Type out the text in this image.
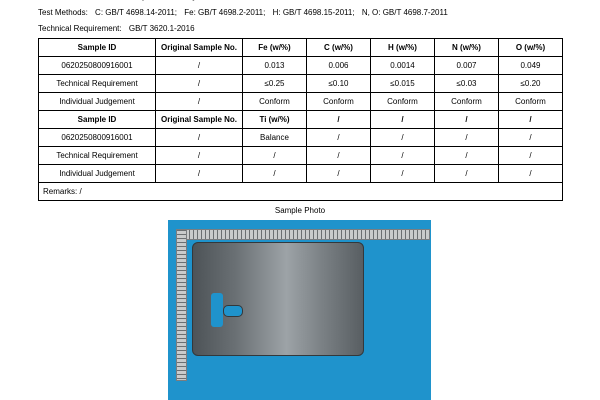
Test Methods: C: GB/T 4698.14-2011; Fe: GB/T 4698.2-2011; H: GB/T 4698.15-2011; N, O: GB/T 4698.7-2011
Technical Requirement: GB/T 3620.1-2016
Sample ID	Original Sample No.	Fe (w/%)	C (w/%)	H (w/%)	N (w/%)	O (w/%)
0620250800916001	/	0.013	0.006	0.0014	0.007	0.049
Technical Requirement	/	≤0.25	≤0.10	≤0.015	≤0.03	≤0.20
Individual Judgement	/	Conform	Conform	Conform	Conform	Conform
Sample ID	Original Sample No.	Ti (w/%)	/	/	/	/
0620250800916001	/	Balance	/	/	/	/
Technical Requirement	/	/	/	/	/	/
Individual Judgement	/	/	/	/	/	/
Remarks: /						
Sample Photo
